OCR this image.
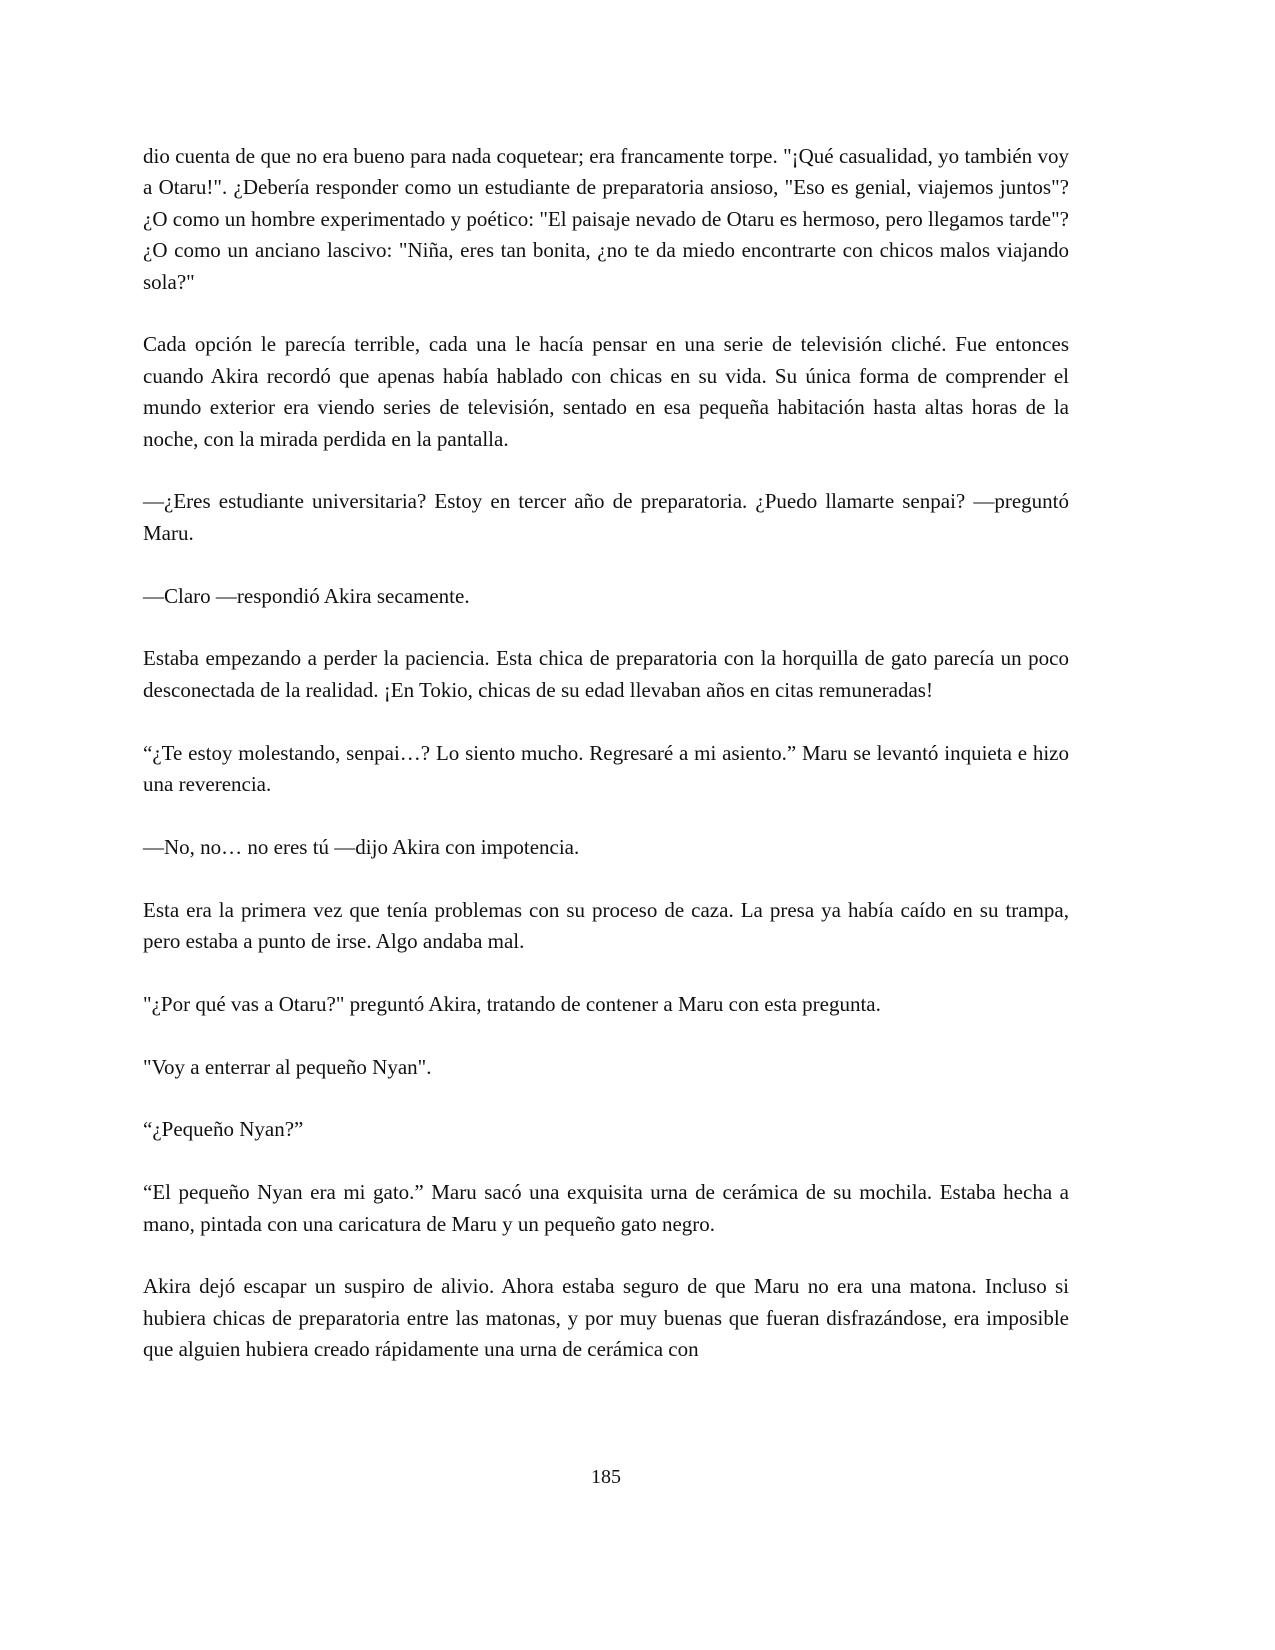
dio cuenta de que no era bueno para nada coquetear; era francamente torpe. "¡Qué casualidad, yo también voy a Otaru!". ¿Debería responder como un estudiante de preparatoria ansioso, "Eso es genial, viajemos juntos"? ¿O como un hombre experimentado y poético: "El paisaje nevado de Otaru es hermoso, pero llegamos tarde"? ¿O como un anciano lascivo: "Niña, eres tan bonita, ¿no te da miedo encontrarte con chicos malos viajando sola?"

Cada opción le parecía terrible, cada una le hacía pensar en una serie de televisión cliché. Fue entonces cuando Akira recordó que apenas había hablado con chicas en su vida. Su única forma de comprender el mundo exterior era viendo series de televisión, sentado en esa pequeña habitación hasta altas horas de la noche, con la mirada perdida en la pantalla.

—¿Eres estudiante universitaria? Estoy en tercer año de preparatoria. ¿Puedo llamarte senpai? —preguntó Maru.

—Claro —respondió Akira secamente.

Estaba empezando a perder la paciencia. Esta chica de preparatoria con la horquilla de gato parecía un poco desconectada de la realidad. ¡En Tokio, chicas de su edad llevaban años en citas remuneradas!

“¿Te estoy molestando, senpai…? Lo siento mucho. Regresaré a mi asiento.” Maru se levantó inquieta e hizo una reverencia.

—No, no… no eres tú —dijo Akira con impotencia.

Esta era la primera vez que tenía problemas con su proceso de caza. La presa ya había caído en su trampa, pero estaba a punto de irse. Algo andaba mal.

"¿Por qué vas a Otaru?" preguntó Akira, tratando de contener a Maru con esta pregunta.

"Voy a enterrar al pequeño Nyan".

“¿Pequeño Nyan?”

“El pequeño Nyan era mi gato.” Maru sacó una exquisita urna de cerámica de su mochila. Estaba hecha a mano, pintada con una caricatura de Maru y un pequeño gato negro.

Akira dejó escapar un suspiro de alivio. Ahora estaba seguro de que Maru no era una matona. Incluso si hubiera chicas de preparatoria entre las matonas, y por muy buenas que fueran disfrazándose, era imposible que alguien hubiera creado rápidamente una urna de cerámica con

185
